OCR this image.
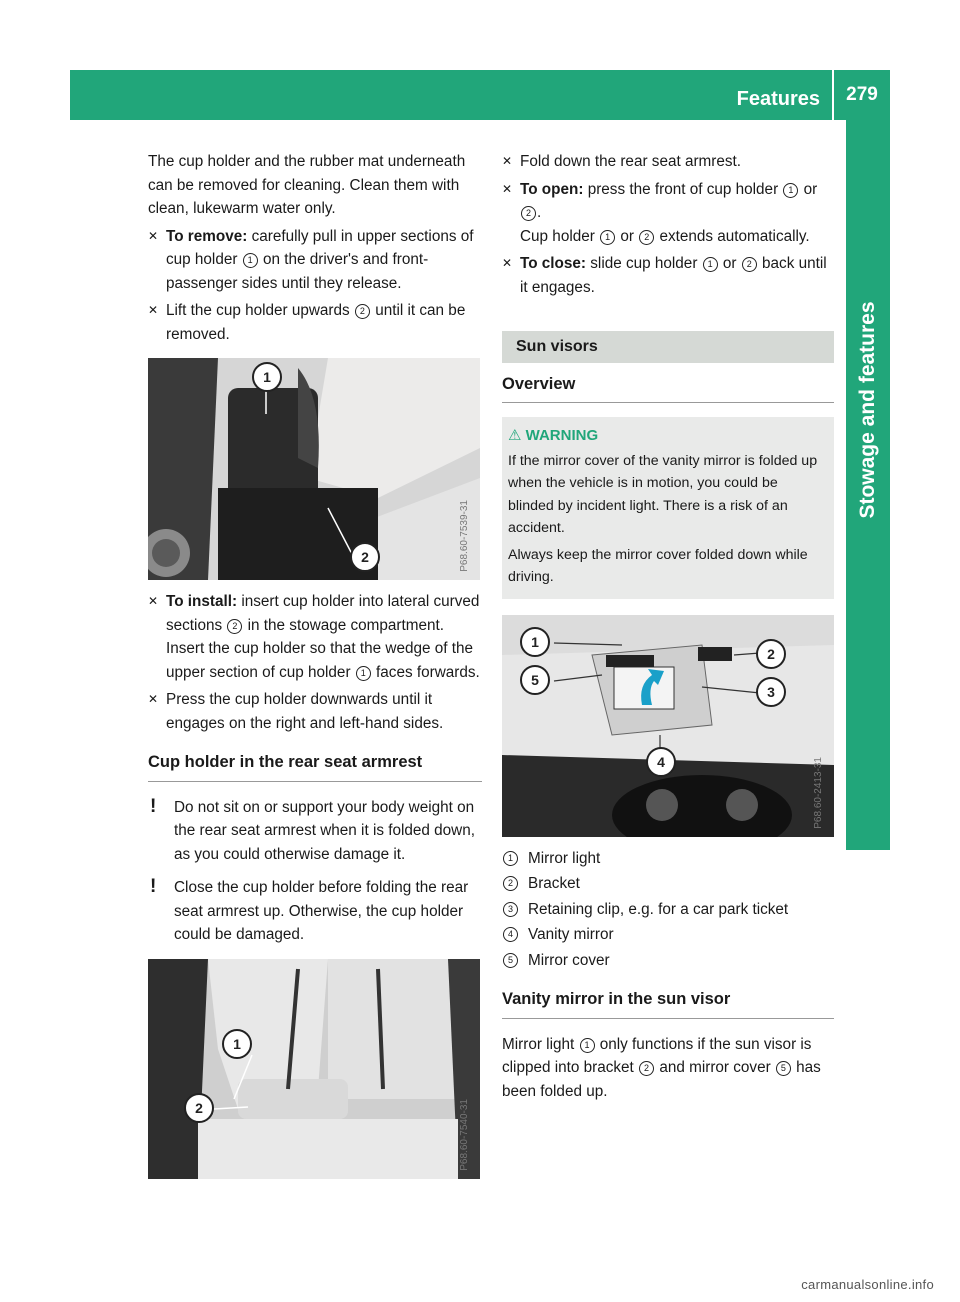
Features	279
Stowage and features

The cup holder and the rubber mat underneath can be removed for cleaning. Clean them with clean, lukewarm water only.

✕ To remove: carefully pull in upper sections of cup holder 1 on the driver's and front-passenger sides until they release.
✕ Lift the cup holder upwards 2 until it can be removed.
1
2	P68.60-7539-31
✕ To install: insert cup holder into lateral curved sections 2 in the stowage compartment. Insert the cup holder so that the wedge of the upper section of cup holder 1 faces forwards.
✕ Press the cup holder downwards until it engages on the right and left-hand sides.
Cup holder in the rear seat armrest
! Do not sit on or support your body weight on the rear seat armrest when it is folded down, as you could otherwise damage it.
! Close the cup holder before folding the rear seat armrest up. Otherwise, the cup holder could be damaged.
1
2	P68.60-7540-31
✕ Fold down the rear seat armrest.
✕ To open: press the front of cup holder 1 or 2 .
Cup holder 1 or 2 extends automatically.
✕ To close: slide cup holder 1 or 2 back until it engages.
Sun visors
Overview
⚠ WARNING

If the mirror cover of the vanity mirror is folded up when the vehicle is in motion, you could be blinded by incident light. There is a risk of an accident.

Always keep the mirror cover folded down while driving.

1
2
5
3
4	P68.60-2413-31
1 Mirror light
2 Bracket
3 Retaining clip, e.g. for a car park ticket
4 Vanity mirror
5 Mirror cover
Vanity mirror in the sun visor

Mirror light 1 only functions if the sun visor is clipped into bracket 2 and mirror cover 5 has been folded up.

carmanualsonline.info
